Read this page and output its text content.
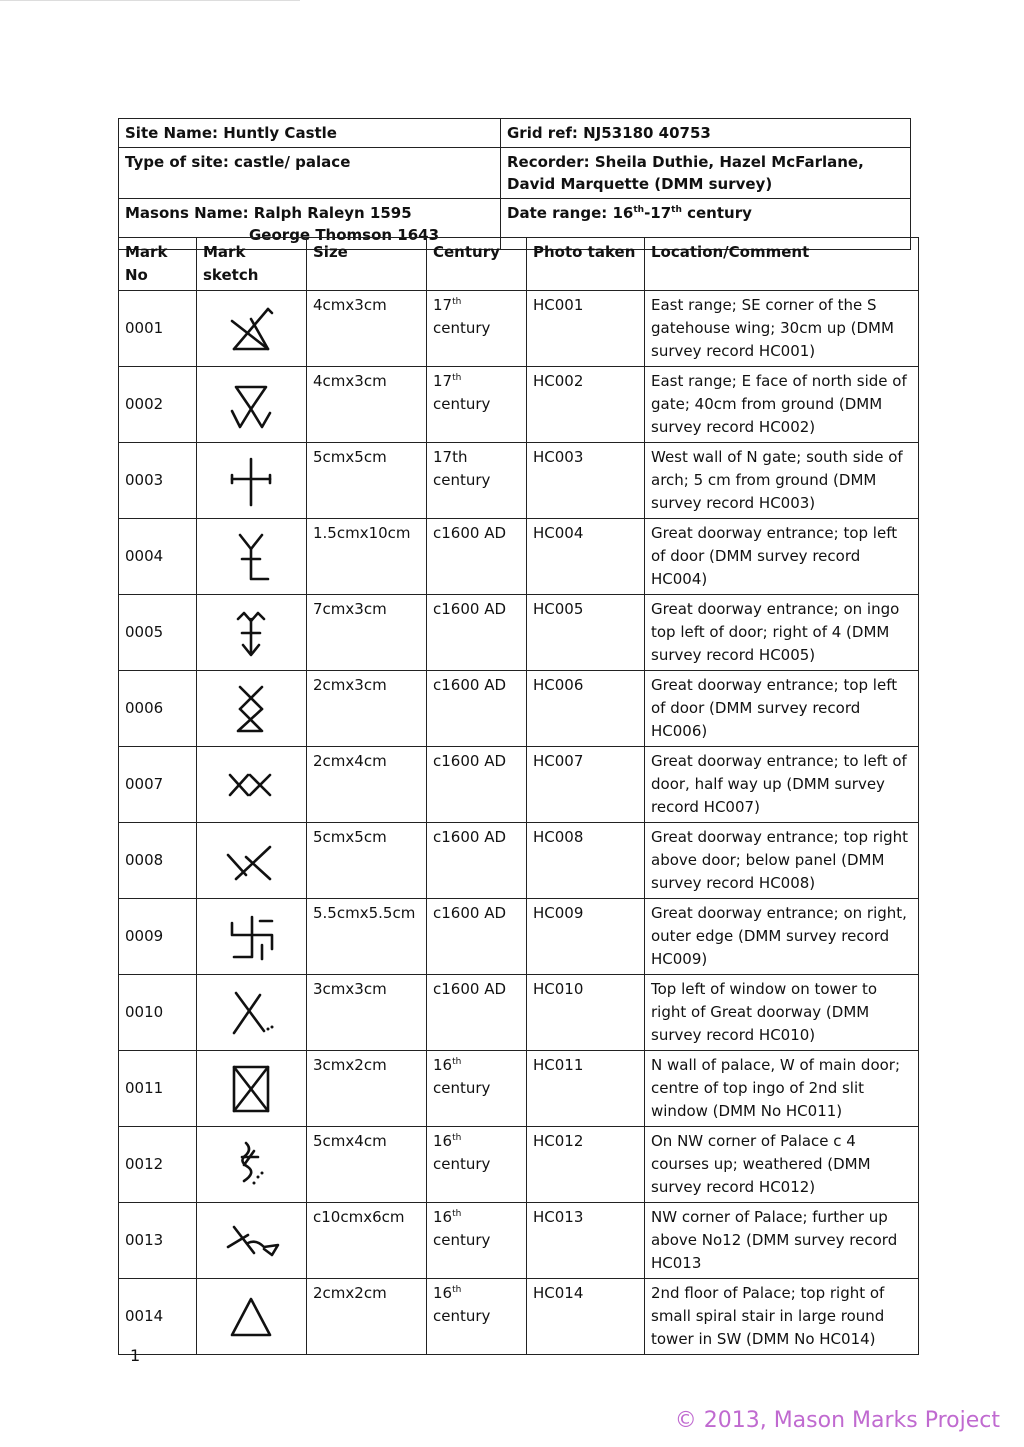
Site Name: Huntly Castle	Grid ref: NJ53180 40753
Type of site: castle/ palace	Recorder: Sheila Duthie, Hazel McFarlane, David Marquette (DMM survey)

Masons Name: Ralph Raleyn 1595
George Thomson 1643	Date range: 16th-17th century
Mark No	Mark sketch	Size	Century	Photo taken	Location/Comment
0001		4cmx3cm	17th century	HC001	East range; SE corner of the S gatehouse wing; 30cm up (DMM survey record HC001)
0002		4cmx3cm	17th century	HC002	East range; E face of north side of gate; 40cm from ground (DMM survey record HC002)
0003		5cmx5cm	17th century	HC003	West wall of N gate; south side of arch; 5 cm from ground (DMM survey record HC003)
0004		1.5cmx10cm	c1600 AD	HC004	Great doorway entrance; top left of door (DMM survey record HC004)
0005		7cmx3cm	c1600 AD	HC005	Great doorway entrance; on ingo top left of door; right of 4 (DMM survey record HC005)
0006		2cmx3cm	c1600 AD	HC006	Great doorway entrance; top left of door (DMM survey record HC006)
0007		2cmx4cm	c1600 AD	HC007	Great doorway entrance; to left of door, half way up (DMM survey record HC007)
0008		5cmx5cm	c1600 AD	HC008	Great doorway entrance; top right above door; below panel (DMM survey record HC008)
0009		5.5cmx5.5cm	c1600 AD	HC009	Great doorway entrance; on right, outer edge (DMM survey record HC009)
0010		3cmx3cm	c1600 AD	HC010	Top left of window on tower to right of Great doorway (DMM survey record HC010)
0011		3cmx2cm	16th century	HC011	N wall of palace, W of main door; centre of top ingo of 2nd slit window (DMM No HC011)
0012		5cmx4cm	16th century	HC012	On NW corner of Palace c 4 courses up; weathered (DMM survey record HC012)
0013		c10cmx6cm	16th century	HC013	NW corner of Palace; further up above No12 (DMM survey record HC013
0014		2cmx2cm	16th century	HC014	2nd floor of Palace; top right of small spiral stair in large round tower in SW (DMM No HC014)
1
© 2013, Mason Marks Project
